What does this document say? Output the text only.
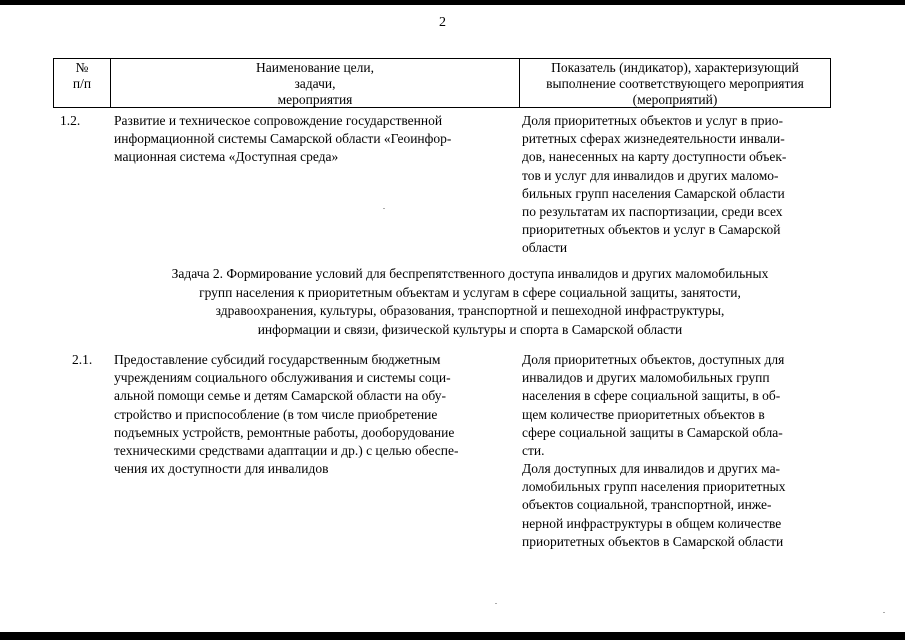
2
№
п/п
Наименование цели,
задачи,
мероприятия
Показатель (индикатор), характеризующий
выполнение соответствующего мероприятия
(мероприятий)
1.2.	Развитие и техническое сопровождение государственной
информационной системы Самарской области «Геоинфор-
мационная система «Доступная среда»
Доля приоритетных объектов и услуг в прио-
ритетных сферах жизнедеятельности инвали-
дов, нанесенных на карту доступности объек-
тов и услуг для инвалидов и других маломо-
бильных групп населения Самарской области
по результатам их паспортизации, среди всех
приоритетных объектов и услуг в Самарской
области
Задача 2. Формирование условий для беспрепятственного доступа инвалидов и других маломобильных
групп населения к приоритетным объектам и услугам в сфере социальной защиты, занятости,
здравоохранения, культуры, образования, транспортной и пешеходной инфраструктуры,
информации и связи, физической культуры и спорта в Самарской области
2.1. Предоставление субсидий государственным бюджетным
учреждениям социального обслуживания и системы соци-
альной помощи семье и детям Самарской области на обу-
стройство и приспособление (в том числе приобретение
подъемных устройств, ремонтные работы, дооборудование
техническими средствами адаптации и др.) с целью обеспе-
чения их доступности для инвалидов
Доля приоритетных объектов, доступных для
инвалидов и других маломобильных групп
населения в сфере социальной защиты, в об-
щем количестве приоритетных объектов в
сфере социальной защиты в Самарской обла-
сти.
Доля доступных для инвалидов и других ма-
ломобильных групп населения приоритетных
объектов социальной, транспортной, инже-
нерной инфраструктуры в общем количестве
приоритетных объектов в Самарской области
